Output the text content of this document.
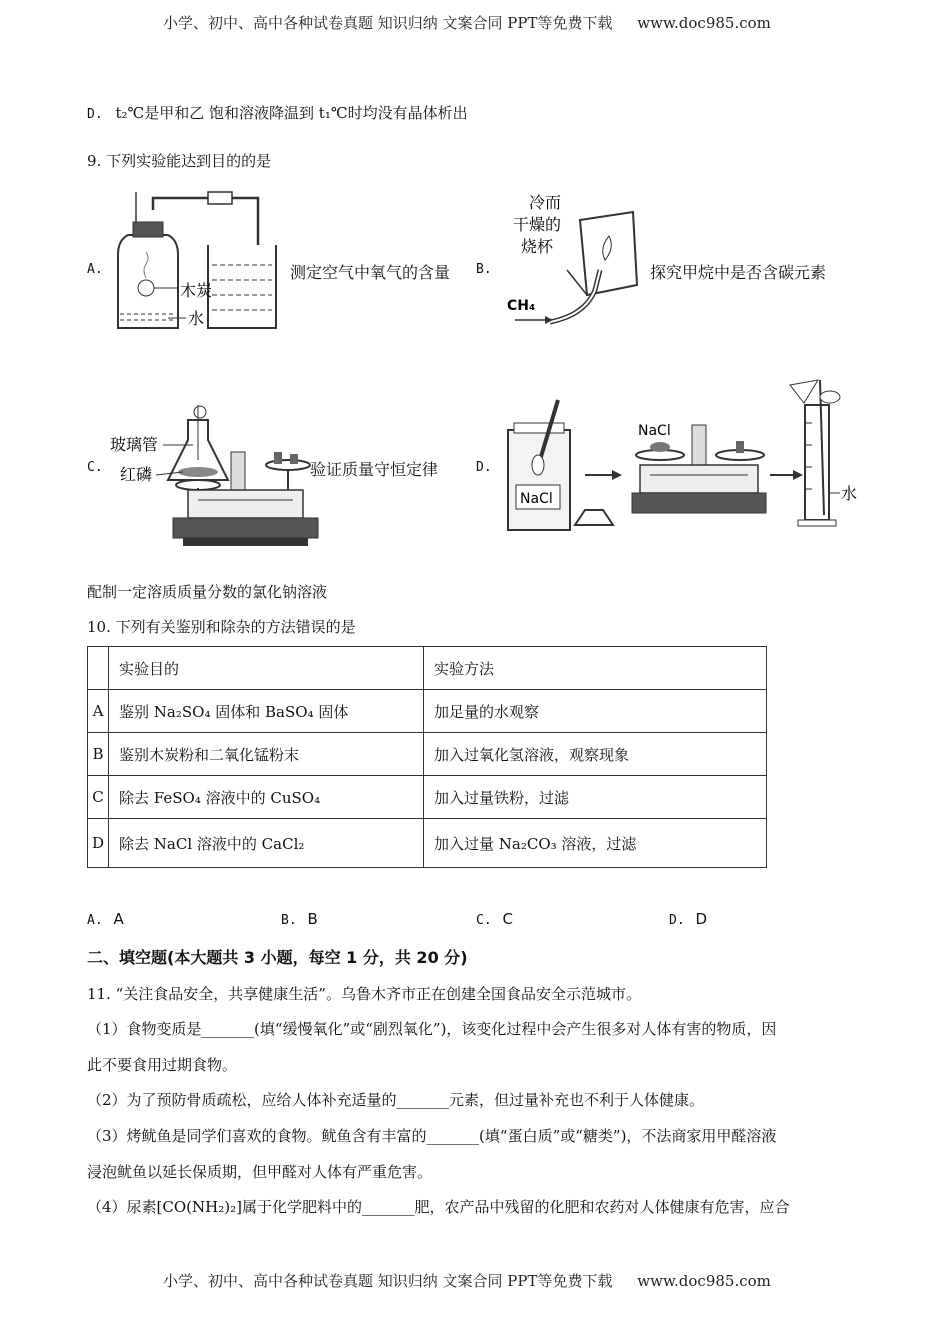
小学、初中、高中各种试卷真题 知识归纳 文案合同 PPT等免费下载 www.doc985.com
D. t₂℃是甲和乙 饱和溶液降温到 t₁℃时均没有晶体析出
9. 下列实验能达到目的的是
A.
木炭
水
测定空气中氧气的含量 B.
冷而
干燥的
烧杯
CH₄
探究甲烷中是否含碳元素
C.
玻璃管
红磷	验证质量守恒定律	D.
NaCl
NaCl
水
配制一定溶质质量分数的氯化钠溶液
10. 下列有关鉴别和除杂的方法错误的是
	实验目的	实验方法
A	鉴别 Na₂SO₄ 固体和 BaSO₄ 固体	加足量的水观察
B	鉴别木炭粉和二氧化锰粉末	加入过氧化氢溶液，观察现象
C	除去 FeSO₄ 溶液中的 CuSO₄	加入过量铁粉，过滤
D	除去 NaCl 溶液中的 CaCl₂	加入过量 Na₂CO₃ 溶液，过滤
A. A	B. B	C. C	D. D
二、填空题(本大题共 3 小题，每空 1 分，共 20 分)
11. “关注食品安全，共享健康生活”。乌鲁木齐市正在创建全国食品安全示范城市。
（1）食物变质是_______(填“缓慢氧化”或“剧烈氧化”)，该变化过程中会产生很多对人体有害的物质，因
此不要食用过期食物。
（2）为了预防骨质疏松，应给人体补充适量的_______元素，但过量补充也不利于人体健康。
（3）烤鱿鱼是同学们喜欢的食物。鱿鱼含有丰富的_______(填“蛋白质”或“糖类”)，不法商家用甲醛溶液
浸泡鱿鱼以延长保质期，但甲醛对人体有严重危害。
（4）尿素[CO(NH₂)₂]属于化学肥料中的_______肥，农产品中残留的化肥和农药对人体健康有危害，应合
小学、初中、高中各种试卷真题 知识归纳 文案合同 PPT等免费下载 www.doc985.com
